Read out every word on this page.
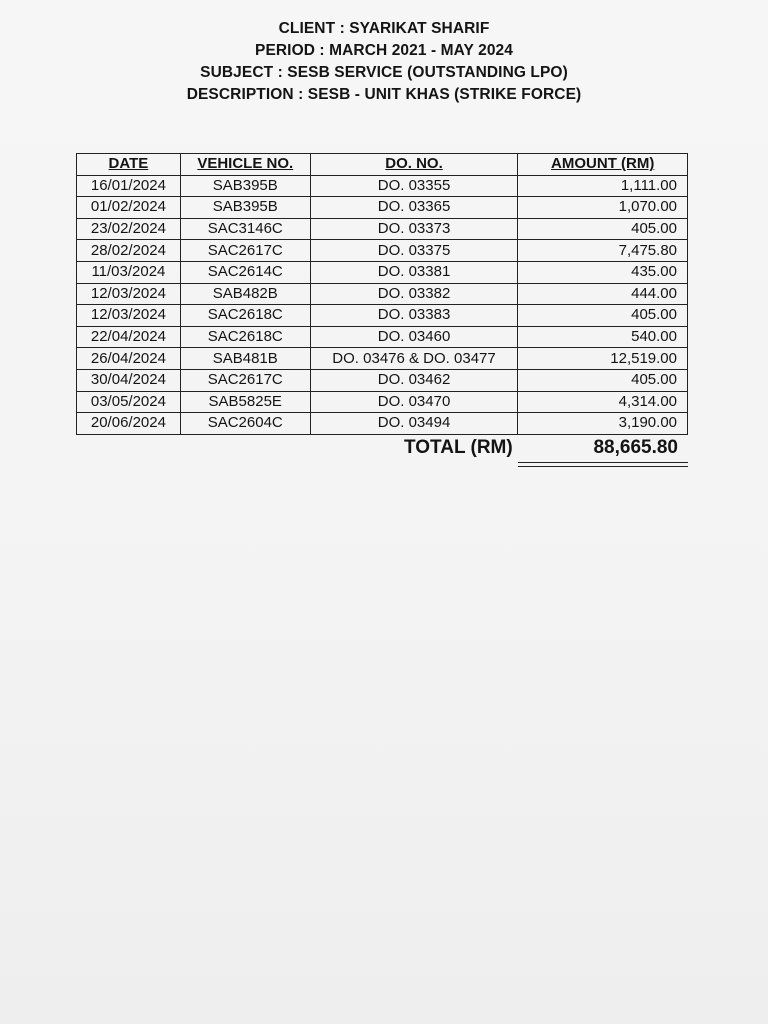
CLIENT : SYARIKAT SHARIF
PERIOD : MARCH 2021 - MAY 2024
SUBJECT : SESB SERVICE (OUTSTANDING LPO)
DESCRIPTION : SESB - UNIT KHAS (STRIKE FORCE)
DATE	VEHICLE NO.	DO. NO.	AMOUNT (RM)
16/01/2024	SAB395B	DO. 03355	1,111.00
01/02/2024	SAB395B	DO. 03365	1,070.00
23/02/2024	SAC3146C	DO. 03373	405.00
28/02/2024	SAC2617C	DO. 03375	7,475.80
11/03/2024	SAC2614C	DO. 03381	435.00
12/03/2024	SAB482B	DO. 03382	444.00
12/03/2024	SAC2618C	DO. 03383	405.00
22/04/2024	SAC2618C	DO. 03460	540.00
26/04/2024	SAB481B	DO. 03476 & DO. 03477	12,519.00
30/04/2024	SAC2617C	DO. 03462	405.00
03/05/2024	SAB5825E	DO. 03470	4,314.00
20/06/2024	SAC2604C	DO. 03494	3,190.00
TOTAL (RM)	88,665.80
